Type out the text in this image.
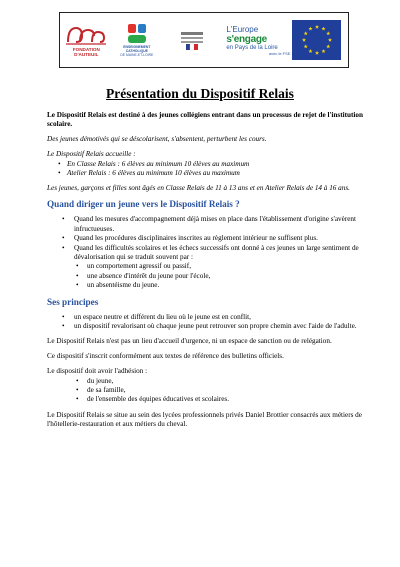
FONDATION
D'AUTEUIL
ENSEIGNEMENT
CATHOLIQUE
DE MAINE-ET-LOIRE
L'Europe
s'engage
en Pays de la Loire
avec le FSE
Présentation du Dispositif Relais

Le Dispositif Relais est destiné à des jeunes collégiens entrant dans un processus de rejet de l'institution scolaire.

Des jeunes démotivés qui se déscolarisent, s'absentent, perturbent les cours.

Le Dispositif Relais accueille :
• En Classe Relais : 6 élèves au minimum 10 élèves au maximum
• Atelier Relais : 6 élèves au minimum 10 élèves au maximum

Les jeunes, garçons et filles sont âgés en Classe Relais de 11 à 13 ans et en Atelier Relais de 14 à 16 ans.

Quand diriger un jeune vers le Dispositif Relais ?
• Quand les mesures d'accompagnement déjà mises en place dans l'établissement d'origine s'avèrent infructueuses.
• Quand les procédures disciplinaires inscrites au règlement intérieur ne suffisent plus.
• Quand les difficultés scolaires et les échecs successifs ont donné à ces jeunes un large sentiment de dévalorisation qui se traduit souvent par :
• un comportement agressif ou passif,
• une absence d'intérêt du jeune pour l'école,
• un absentéisme du jeune.
Ses principes
• un espace neutre et différent du lieu où le jeune est en conflit,
• un dispositif revalorisant où chaque jeune peut retrouver son propre chemin avec l'aide de l'adulte.

Le Dispositif Relais n'est pas un lieu d'accueil d'urgence, ni un espace de sanction ou de relégation.

Ce dispositif s'inscrit conformément aux textes de référence des bulletins officiels.

Le dispositif doit avoir l'adhésion :
• du jeune,
• de sa famille,
• de l'ensemble des équipes éducatives et scolaires.

Le Dispositif Relais se situe au sein des lycées professionnels privés Daniel Brottier consacrés aux métiers de l'hôtellerie-restauration et aux métiers du cheval.
